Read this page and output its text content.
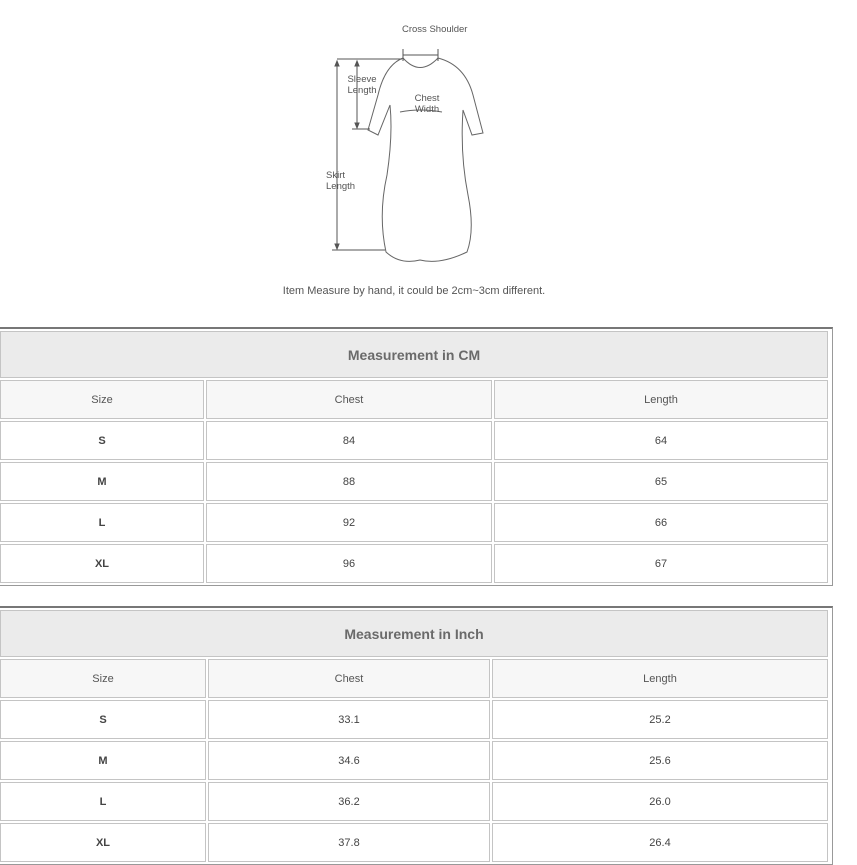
Cross Shoulder
Sleeve Length
Chest Width
Skirt Length
Item Measure by hand, it could be 2cm~3cm different.
Measurement in CM		
Size	Chest	Length
S	84	64
M	88	65
L	92	66
XL	96	67
Measurement in Inch		
Size	Chest	Length
S	33.1	25.2
M	34.6	25.6
L	36.2	26.0
XL	37.8	26.4
